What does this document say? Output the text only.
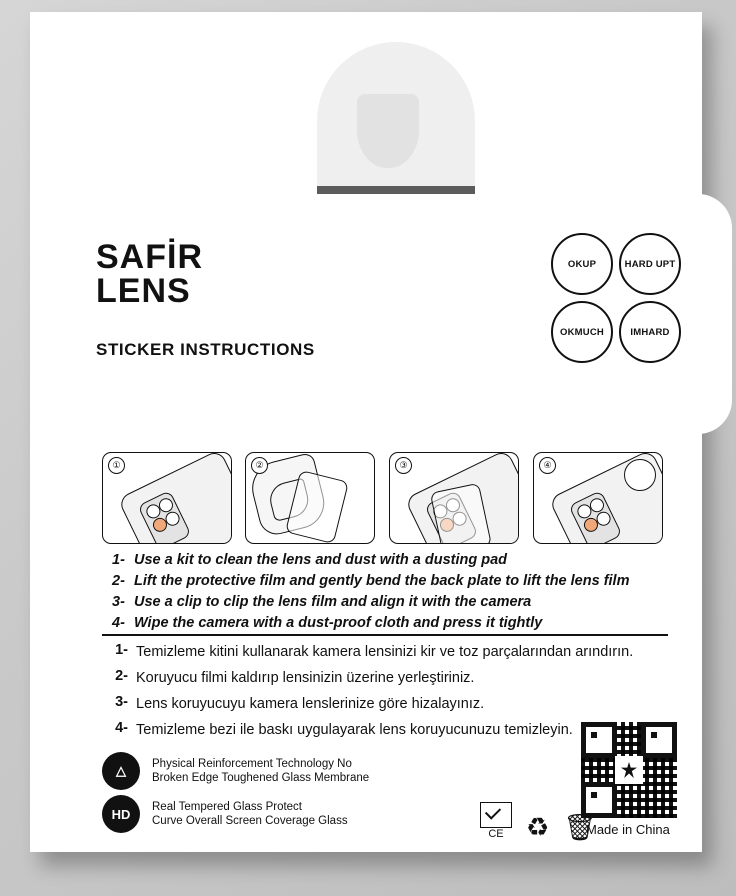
SAFİR
LENS
STICKER INSTRUCTIONS
OKUP	HARD UPT
OKMUCH	IMHARD
①	②	③	④
1- Use a kit to clean the lens and dust with a dusting pad
2- Lift the protective film and gently bend the back plate to lift the lens film
3- Use a clip to clip the lens film and align it with the camera
4- Wipe the camera with a dust-proof cloth and press it tightly
1- Temizleme kitini kullanarak kamera lensinizi kir ve toz parçalarından arındırın.
2- Koruyucu filmi kaldırıp lensinizin üzerine yerleştiriniz.
3- Lens koruyucuyu kamera lenslerinize göre hizalayınız.
4- Temizleme bezi ile baskı uygulayarak lens koruyucunuzu temizleyin.
△	Physical Reinforcement Technology No
Broken Edge Toughened Glass Membrane
HD	Real Tempered Glass Protect
Curve Overall Screen Coverage Glass
CE ♻ 🗑
Made in China
